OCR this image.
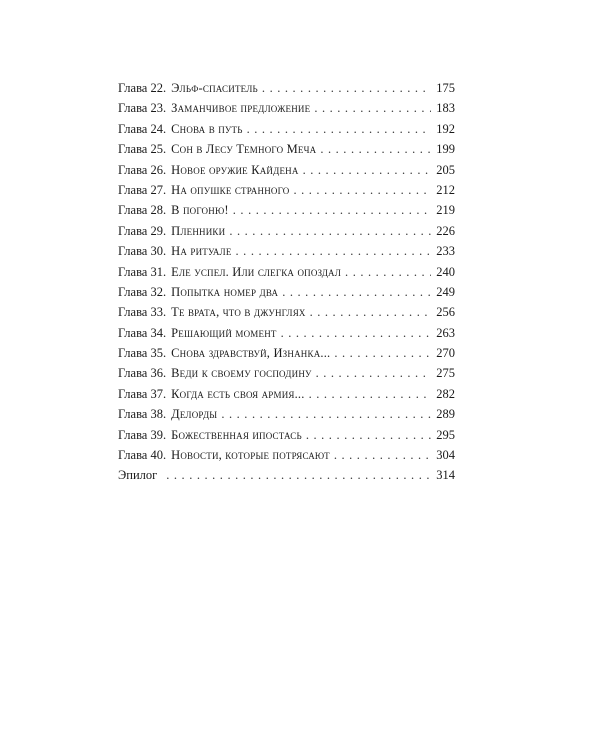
Глава 22. Эльф-спаситель . . .	175
Глава 23. Заманчивое предложение . . .	183
Глава 24. Снова в путь . . .	192
Глава 25. Сон в Лесу Темного Меча . . .	199
Глава 26. Новое оружие Кайдена . . .	205
Глава 27. На опушке странного . . .	212
Глава 28. В погоню! . . .	219
Глава 29. Пленники . . .	226
Глава 30. На ритуале . . .	233
Глава 31. Еле успел. Или слегка опоздал . . .	240
Глава 32. Попытка номер два . . .	249
Глава 33. Те врата, что в джунглях . . .	256
Глава 34. Решающий момент . . .	263
Глава 35. Снова здравствуй, Изнанка... . . .	270
Глава 36. Веди к своему господину . . .	275
Глава 37. Когда есть своя армия... . . .	282
Глава 38. Делорды . . .	289
Глава 39. Божественная ипостась . . .	295
Глава 40. Новости, которые потрясают . . .	304
Эпилог . . .	314
